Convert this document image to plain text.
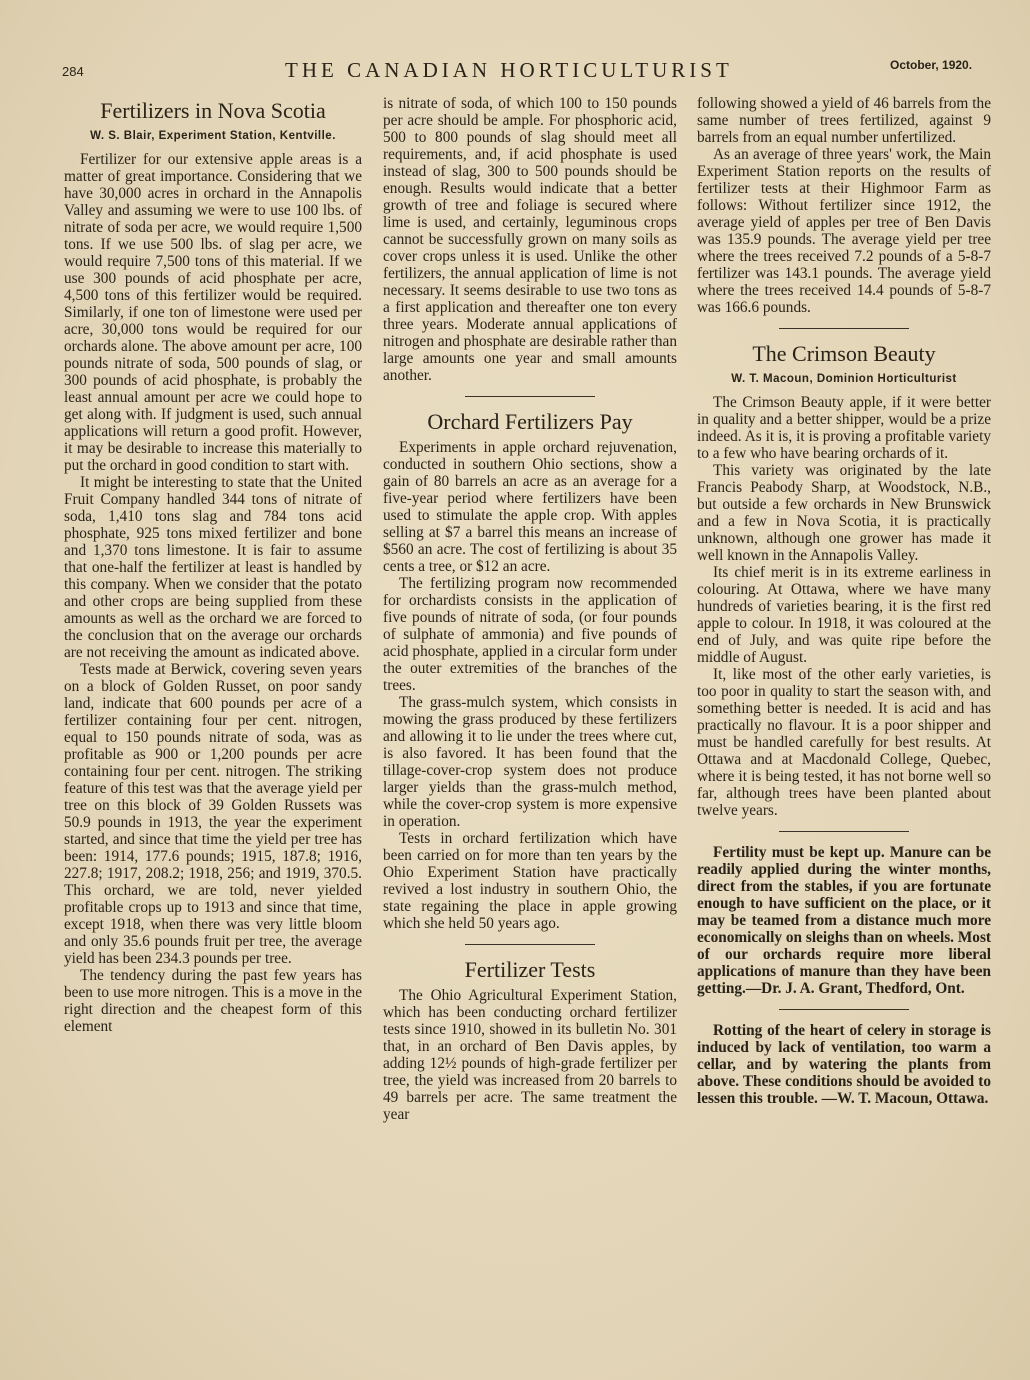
284	THE CANADIAN HORTICULTURIST	October, 1920.
Fertilizers in Nova Scotia
W. S. Blair, Experiment Station, Kentville.

Fertilizer for our extensive apple areas is a matter of great importance. Considering that we have 30,000 acres in orchard in the Annapolis Valley and assuming we were to use 100 lbs. of nitrate of soda per acre, we would require 1,500 tons. If we use 500 lbs. of slag per acre, we would require 7,500 tons of this material. If we use 300 pounds of acid phosphate per acre, 4,500 tons of this fertilizer would be required. Similarly, if one ton of limestone were used per acre, 30,000 tons would be required for our orchards alone. The above amount per acre, 100 pounds nitrate of soda, 500 pounds of slag, or 300 pounds of acid phosphate, is probably the least annual amount per acre we could hope to get along with. If judgment is used, such annual applications will return a good profit. However, it may be desirable to increase this materially to put the orchard in good condition to start with.

It might be interesting to state that the United Fruit Company handled 344 tons of nitrate of soda, 1,410 tons slag and 784 tons acid phosphate, 925 tons mixed fertilizer and bone and 1,370 tons limestone. It is fair to assume that one-half the fertilizer at least is handled by this company. When we consider that the potato and other crops are being supplied from these amounts as well as the orchard we are forced to the conclusion that on the average our orchards are not receiving the amount as indicated above.

Tests made at Berwick, covering seven years on a block of Golden Russet, on poor sandy land, indicate that 600 pounds per acre of a fertilizer containing four per cent. nitrogen, equal to 150 pounds nitrate of soda, was as profitable as 900 or 1,200 pounds per acre containing four per cent. nitrogen. The striking feature of this test was that the average yield per tree on this block of 39 Golden Russets was 50.9 pounds in 1913, the year the experiment started, and since that time the yield per tree has been: 1914, 177.6 pounds; 1915, 187.8; 1916, 227.8; 1917, 208.2; 1918, 256; and 1919, 370.5. This orchard, we are told, never yielded profitable crops up to 1913 and since that time, except 1918, when there was very little bloom and only 35.6 pounds fruit per tree, the average yield has been 234.3 pounds per tree.

The tendency during the past few years has been to use more nitrogen. This is a move in the right direction and the cheapest form of this element

is nitrate of soda, of which 100 to 150 pounds per acre should be ample. For phosphoric acid, 500 to 800 pounds of slag should meet all requirements, and, if acid phosphate is used instead of slag, 300 to 500 pounds should be enough. Results would indicate that a better growth of tree and foliage is secured where lime is used, and certainly, leguminous crops cannot be successfully grown on many soils as cover crops unless it is used. Unlike the other fertilizers, the annual application of lime is not necessary. It seems desirable to use two tons as a first application and thereafter one ton every three years. Moderate annual applications of nitrogen and phosphate are desirable rather than large amounts one year and small amounts another.

Orchard Fertilizers Pay

Experiments in apple orchard rejuvenation, conducted in southern Ohio sections, show a gain of 80 barrels an acre as an average for a five-year period where fertilizers have been used to stimulate the apple crop. With apples selling at $7 a barrel this means an increase of $560 an acre. The cost of fertilizing is about 35 cents a tree, or $12 an acre.

The fertilizing program now recommended for orchardists consists in the application of five pounds of nitrate of soda, (or four pounds of sulphate of ammonia) and five pounds of acid phosphate, applied in a circular form under the outer extremities of the branches of the trees.

The grass-mulch system, which consists in mowing the grass produced by these fertilizers and allowing it to lie under the trees where cut, is also favored. It has been found that the tillage-cover-crop system does not produce larger yields than the grass-mulch method, while the cover-crop system is more expensive in operation.

Tests in orchard fertilization which have been carried on for more than ten years by the Ohio Experiment Station have practically revived a lost industry in southern Ohio, the state regaining the place in apple growing which she held 50 years ago.

Fertilizer Tests

The Ohio Agricultural Experiment Station, which has been conducting orchard fertilizer tests since 1910, showed in its bulletin No. 301 that, in an orchard of Ben Davis apples, by adding 12½ pounds of high-grade fertilizer per tree, the yield was increased from 20 barrels to 49 barrels per acre. The same treatment the year

following showed a yield of 46 barrels from the same number of trees fertilized, against 9 barrels from an equal number unfertilized.

As an average of three years' work, the Main Experiment Station reports on the results of fertilizer tests at their Highmoor Farm as follows: Without fertilizer since 1912, the average yield of apples per tree of Ben Davis was 135.9 pounds. The average yield per tree where the trees received 7.2 pounds of a 5-8-7 fertilizer was 143.1 pounds. The average yield where the trees received 14.4 pounds of 5-8-7 was 166.6 pounds.

The Crimson Beauty
W. T. Macoun, Dominion Horticulturist

The Crimson Beauty apple, if it were better in quality and a better shipper, would be a prize indeed. As it is, it is proving a profitable variety to a few who have bearing orchards of it.

This variety was originated by the late Francis Peabody Sharp, at Woodstock, N.B., but outside a few orchards in New Brunswick and a few in Nova Scotia, it is practically unknown, although one grower has made it well known in the Annapolis Valley.

Its chief merit is in its extreme earliness in colouring. At Ottawa, where we have many hundreds of varieties bearing, it is the first red apple to colour. In 1918, it was coloured at the end of July, and was quite ripe before the middle of August.

It, like most of the other early varieties, is too poor in quality to start the season with, and something better is needed. It is acid and has practically no flavour. It is a poor shipper and must be handled carefully for best results. At Ottawa and at Macdonald College, Quebec, where it is being tested, it has not borne well so far, although trees have been planted about twelve years.

Fertility must be kept up. Manure can be readily applied during the winter months, direct from the stables, if you are fortunate enough to have sufficient on the place, or it may be teamed from a distance much more economically on sleighs than on wheels. Most of our orchards require more liberal applications of manure than they have been getting.—Dr. J. A. Grant, Thedford, Ont.

Rotting of the heart of celery in storage is induced by lack of ventilation, too warm a cellar, and by watering the plants from above. These conditions should be avoided to lessen this trouble. —W. T. Macoun, Ottawa.
